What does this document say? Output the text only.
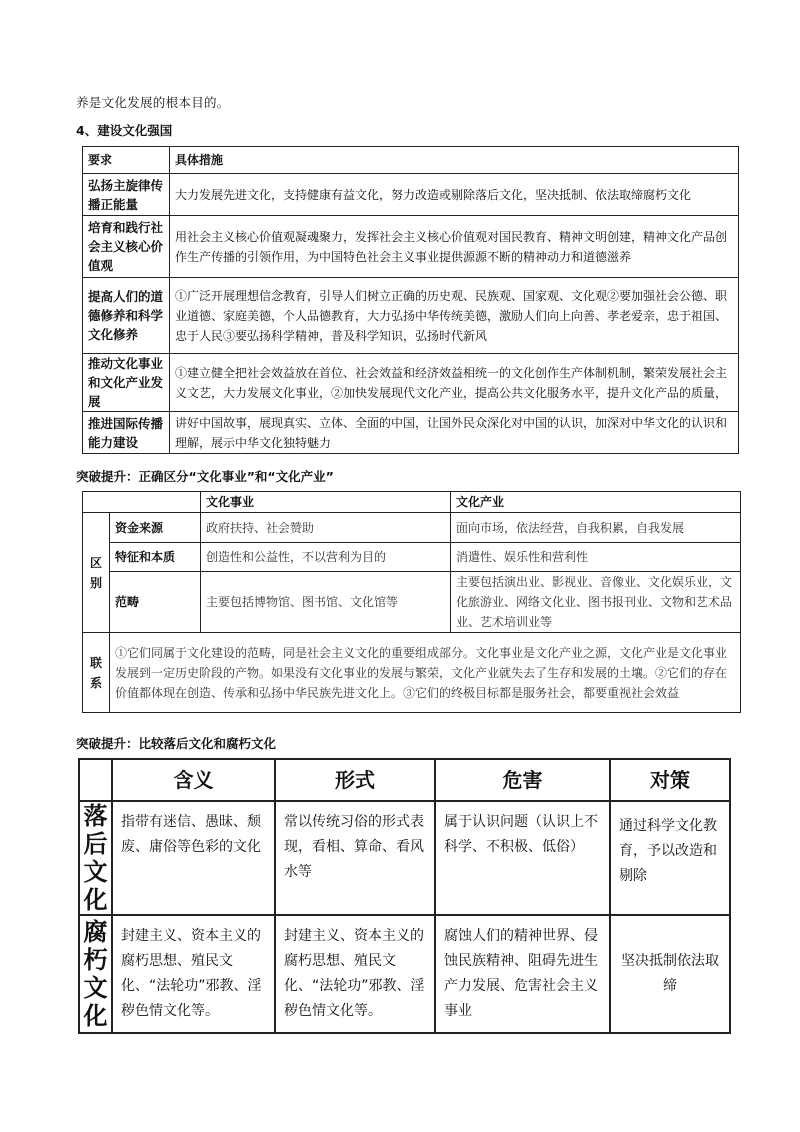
养是文化发展的根本目的。
4、建设文化强国
要求	具体措施
弘扬主旋律传播正能量	大力发展先进文化，支持健康有益文化，努力改造或剔除落后文化，坚决抵制、依法取缔腐朽文化
培育和践行社会主义核心价值观	用社会主义核心价值观凝魂聚力，发挥社会主义核心价值观对国民教育、精神文明创建，精神文化产品创作生产传播的引领作用，为中国特色社会主义事业提供源源不断的精神动力和道德滋养
提高人们的道德修养和科学文化修养	①广泛开展理想信念教育，引导人们树立正确的历史观、民族观、国家观、文化观②要加强社会公德、职业道德、家庭美德，个人品德教育，大力弘扬中华传统美德，激励人们向上向善、孝老爱亲，忠于祖国、忠于人民③要弘扬科学精神，普及科学知识，弘扬时代新风
推动文化事业和文化产业发展	①建立健全把社会效益放在首位、社会效益和经济效益相统一的文化创作生产体制机制，繁荣发展社会主义文艺，大力发展文化事业，②加快发展现代文化产业，提高公共文化服务水平，提升文化产品的质量，
推进国际传播能力建设	讲好中国故事，展现真实、立体、全面的中国，让国外民众深化对中国的认识，加深对中华文化的认识和理解，展示中华文化独特魅力
突破提升：正确区分“文化事业”和“文化产业”
		文化事业	文化产业
区别	资金来源	政府扶持、社会赞助	面向市场，依法经营，自我积累，自我发展
	特征和本质	创造性和公益性，不以营利为目的	消遣性、娱乐性和营利性
	范畴	主要包括博物馆、图书馆、文化馆等	主要包括演出业、影视业、音像业、文化娱乐业，文化旅游业、网络文化业、图书报刊业、文物和艺术品业、艺术培训业等
联系	①它们同属于文化建设的范畴，同是社会主义文化的重要组成部分。文化事业是文化产业之源，文化产业是文化事业发展到一定历史阶段的产物。如果没有文化事业的发展与繁荣，文化产业就失去了生存和发展的土壤。②它们的存在价值都体现在创造、传承和弘扬中华民族先进文化上。③它们的终极目标都是服务社会，都要重视社会效益		
突破提升：比较落后文化和腐朽文化
	含义	形式	危害	对策
落后文化	指带有迷信、愚昧、颓废、庸俗等色彩的文化	常以传统习俗的形式表现，看相、算命、看风水等	属于认识问题（认识上不科学、不积极、低俗）	通过科学文化教育，予以改造和剔除
腐朽文化	封建主义、资本主义的腐朽思想、殖民文化、“法轮功”邪教、淫秽色情文化等。	封建主义、资本主义的腐朽思想、殖民文化、“法轮功”邪教、淫秽色情文化等。	腐蚀人们的精神世界、侵蚀民族精神、阻碍先进生产力发展、危害社会主义事业	坚决抵制依法取缔
